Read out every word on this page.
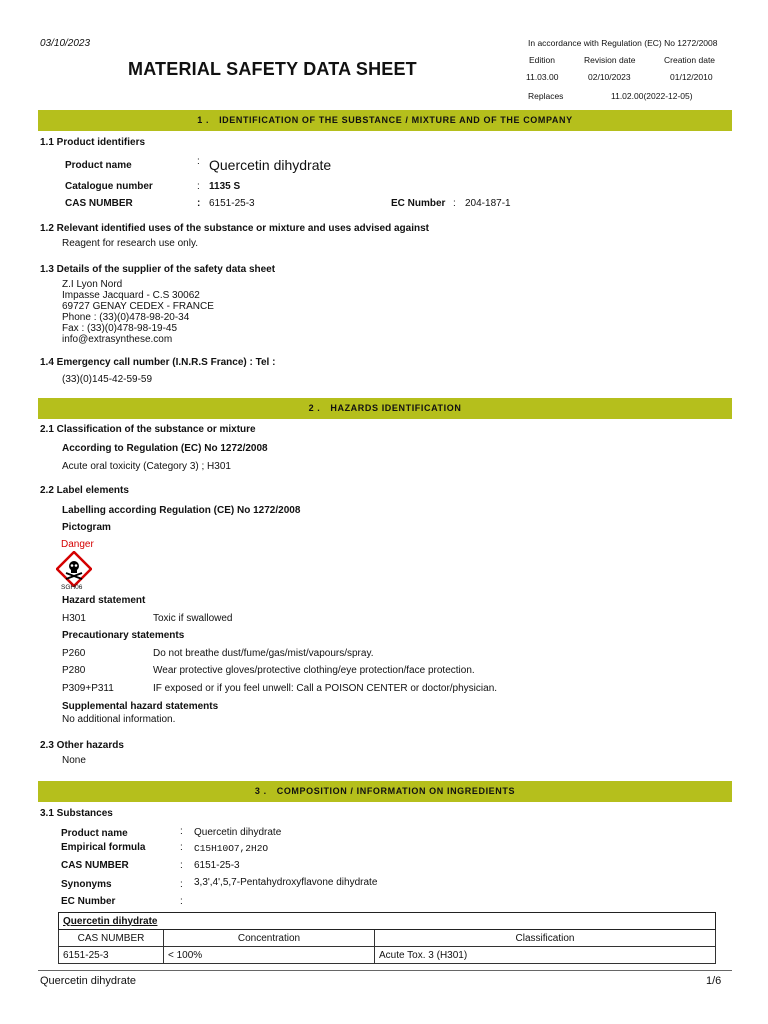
03/10/2023
MATERIAL SAFETY DATA SHEET
In accordance with Regulation (EC) No 1272/2008
Edition	Revision date	Creation date
11.03.00	02/10/2023	01/12/2010
Replaces	11.02.00(2022-12-05)
1 . IDENTIFICATION OF THE SUBSTANCE / MIXTURE AND OF THE COMPANY
1.1 Product identifiers
Product name	: Quercetin dihydrate
Catalogue number	: 1135 S
CAS NUMBER	: 6151-25-3	EC Number : 204-187-1
1.2 Relevant identified uses of the substance or mixture and uses advised against
Reagent for research use only.
1.3 Details of the supplier of the safety data sheet
Z.I Lyon Nord
Impasse Jacquard - C.S 30062
69727 GENAY CEDEX - FRANCE
Phone : (33)(0)478-98-20-34
Fax : (33)(0)478-98-19-45
info@extrasynthese.com
1.4 Emergency call number (I.N.R.S France) : Tel :
(33)(0)145-42-59-59
2 . HAZARDS IDENTIFICATION
2.1 Classification of the substance or mixture
According to Regulation (EC) No 1272/2008
Acute oral toxicity (Category 3) ; H301
2.2 Label elements
Labelling according Regulation (CE) No 1272/2008
Pictogram
Danger
SGH06
Hazard statement
H301	Toxic if swallowed
Precautionary statements
P260	Do not breathe dust/fume/gas/mist/vapours/spray.
P280	Wear protective gloves/protective clothing/eye protection/face protection.
P309+P311	IF exposed or if you feel unwell: Call a POISON CENTER or doctor/physician.
Supplemental hazard statements
No additional information.
2.3 Other hazards
None
3 . COMPOSITION / INFORMATION ON INGREDIENTS
3.1 Substances
Product name	: Quercetin dihydrate
Empirical formula	: C15H10O7,2H2O
CAS NUMBER	: 6151-25-3
Synonyms	: 3,3',4',5,7-Pentahydroxyflavone dihydrate
EC Number	:
Quercetin dihydrate		
CAS NUMBER	Concentration	Classification
6151-25-3	< 100%	Acute Tox. 3 (H301)
Quercetin dihydrate	1/6
